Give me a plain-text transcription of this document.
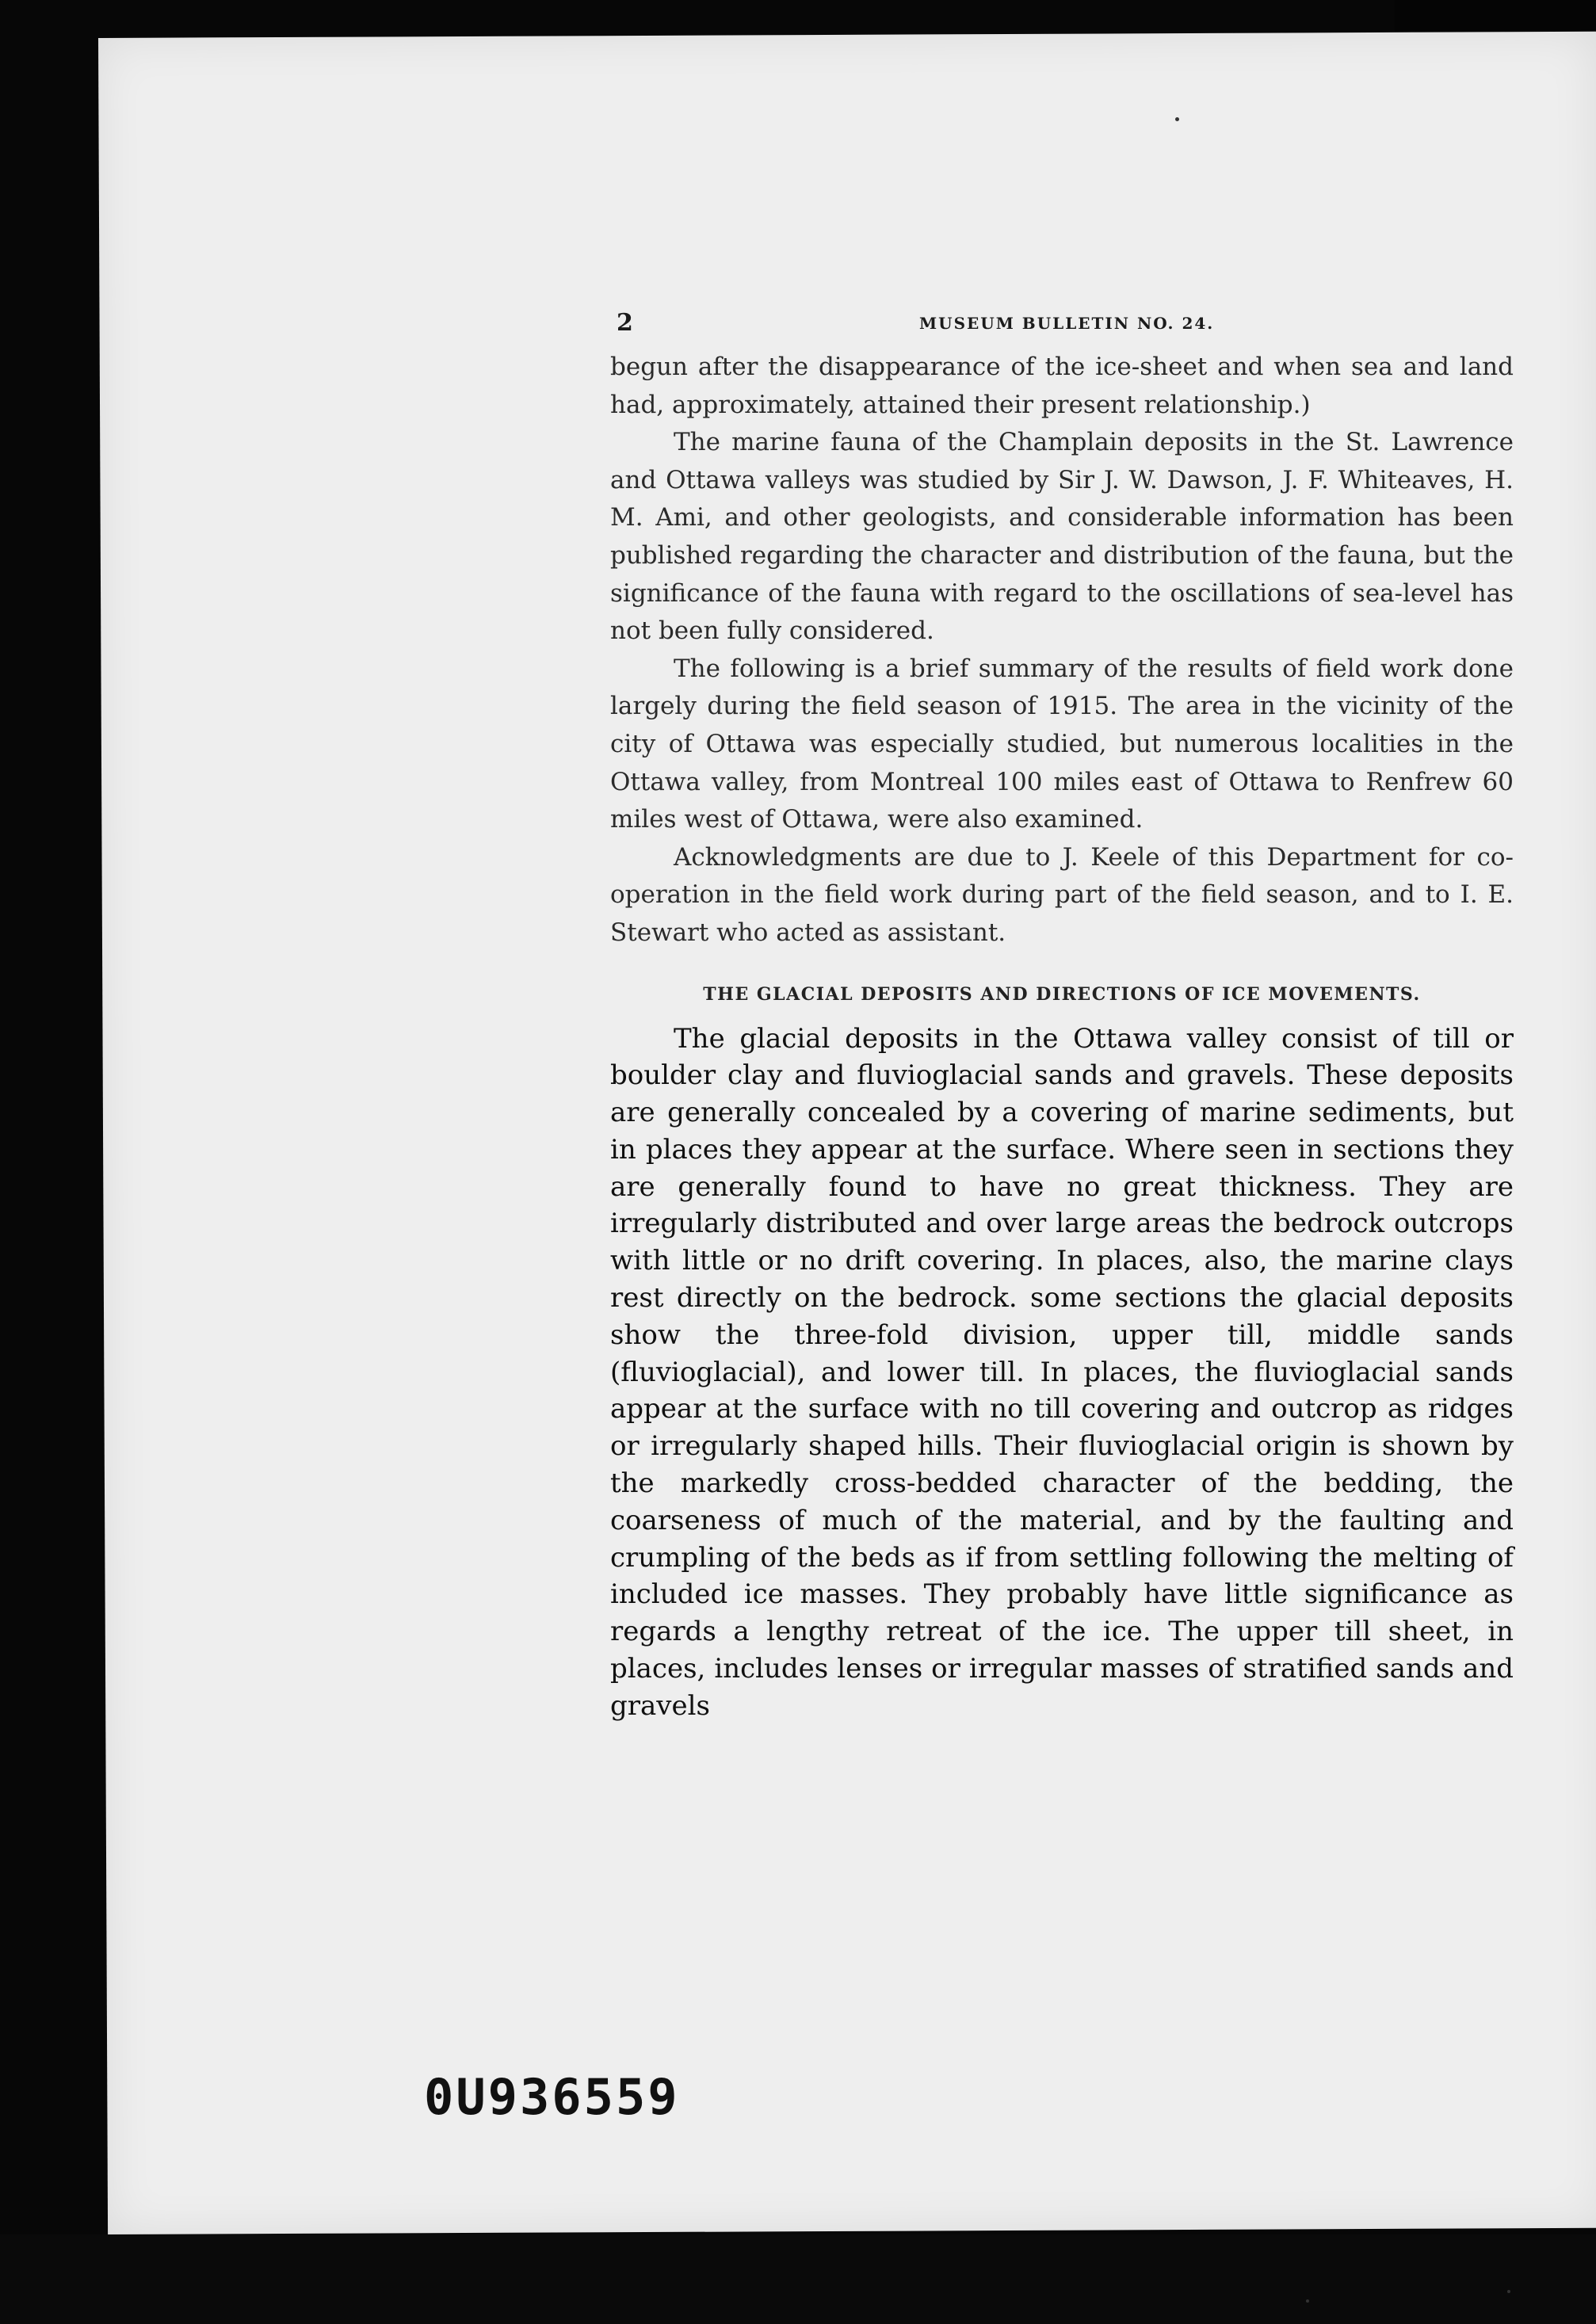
2	MUSEUM BULLETIN NO. 24.

begun after the disappearance of the ice-sheet and when sea and land had, approximately, attained their present relationship.)

The marine fauna of the Champlain deposits in the St. Lawrence and Ottawa valleys was studied by Sir J. W. Dawson, J. F. Whiteaves, H. M. Ami, and other geologists, and considerable information has been published regarding the character and distribution of the fauna, but the significance of the fauna with regard to the oscillations of sea-level has not been fully considered.

The following is a brief summary of the results of field work done largely during the field season of 1915. The area in the vicinity of the city of Ottawa was especially studied, but numerous localities in the Ottawa valley, from Montreal 100 miles east of Ottawa to Renfrew 60 miles west of Ottawa, were also examined.

Acknowledgments are due to J. Keele of this Department for co-operation in the field work during part of the field season, and to I. E. Stewart who acted as assistant.

THE GLACIAL DEPOSITS AND DIRECTIONS OF ICE MOVEMENTS.

The glacial deposits in the Ottawa valley consist of till or boulder clay and fluvioglacial sands and gravels. These deposits are generally concealed by a covering of marine sediments, but in places they appear at the surface. Where seen in sections they are generally found to have no great thickness. They are irregularly distributed and over large areas the bedrock outcrops with little or no drift covering. In places, also, the marine clays rest directly on the bedrock. some sections the glacial deposits show the three-fold division, upper till, middle sands (fluvioglacial), and lower till. In places, the fluvioglacial sands appear at the surface with no till covering and outcrop as ridges or irregularly shaped hills. Their fluvioglacial origin is shown by the markedly cross-bedded character of the bedding, the coarseness of much of the material, and by the faulting and crumpling of the beds as if from settling following the melting of included ice masses. They probably have little significance as regards a lengthy retreat of the ice. The upper till sheet, in places, includes lenses or irregular masses of stratified sands and gravels

0U936559
